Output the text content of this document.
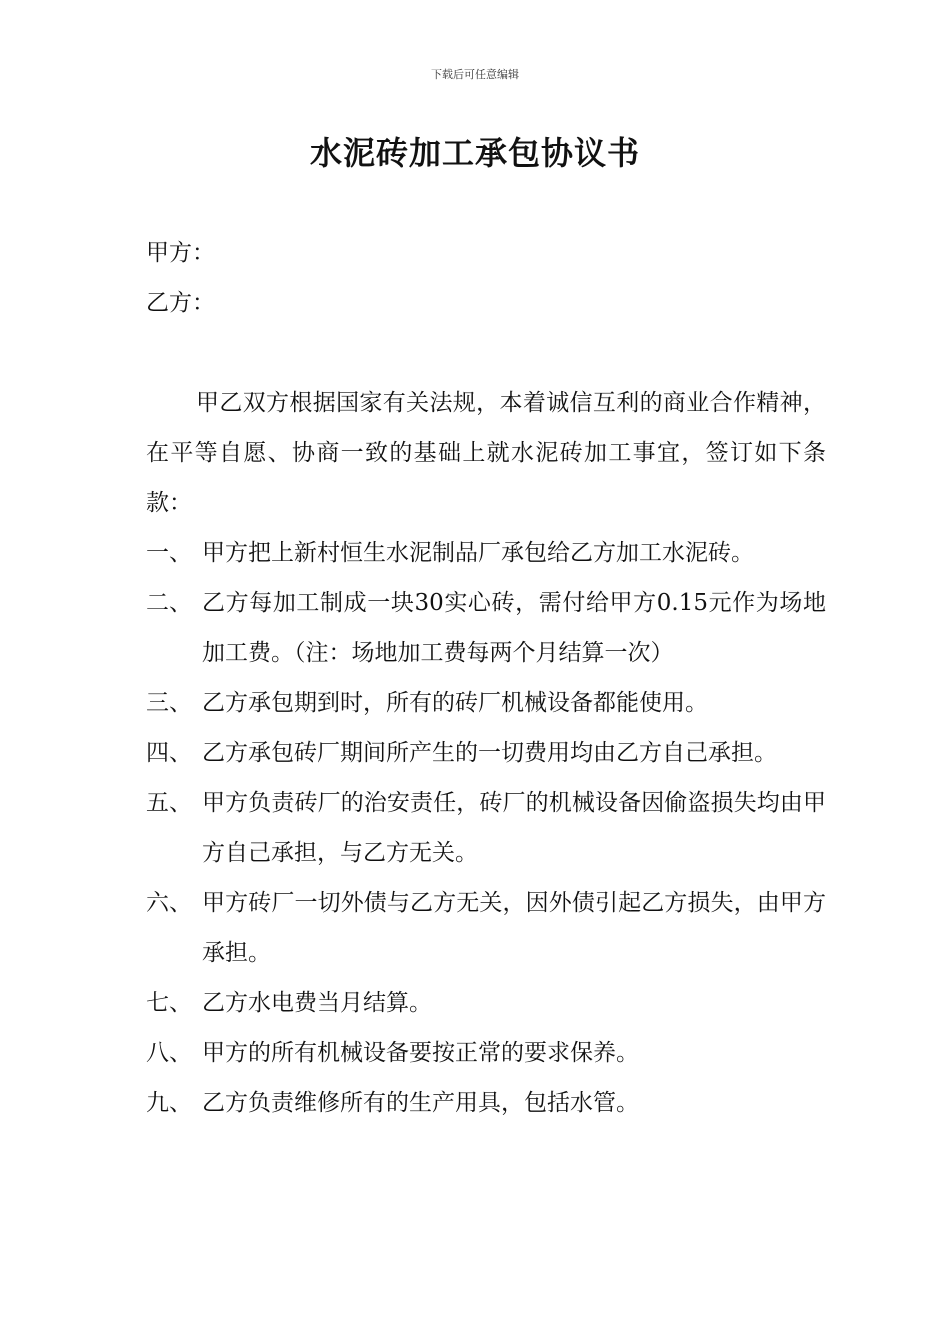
下载后可任意编辑
水泥砖加工承包协议书
甲方：
乙方：
甲乙双方根据国家有关法规，本着诚信互利的商业合作精神，在平等自愿、协商一致的基础上就水泥砖加工事宜，签订如下条款：
一、 甲方把上新村恒生水泥制品厂承包给乙方加工水泥砖。
二、 乙方每加工制成一块30实心砖，需付给甲方0.15元作为场地加工费。（注：场地加工费每两个月结算一次）
三、 乙方承包期到时，所有的砖厂机械设备都能使用。
四、 乙方承包砖厂期间所产生的一切费用均由乙方自己承担。
五、 甲方负责砖厂的治安责任，砖厂的机械设备因偷盗损失均由甲方自己承担，与乙方无关。
六、 甲方砖厂一切外债与乙方无关，因外债引起乙方损失，由甲方承担。
七、 乙方水电费当月结算。
八、 甲方的所有机械设备要按正常的要求保养。
九、 乙方负责维修所有的生产用具，包括水管。
